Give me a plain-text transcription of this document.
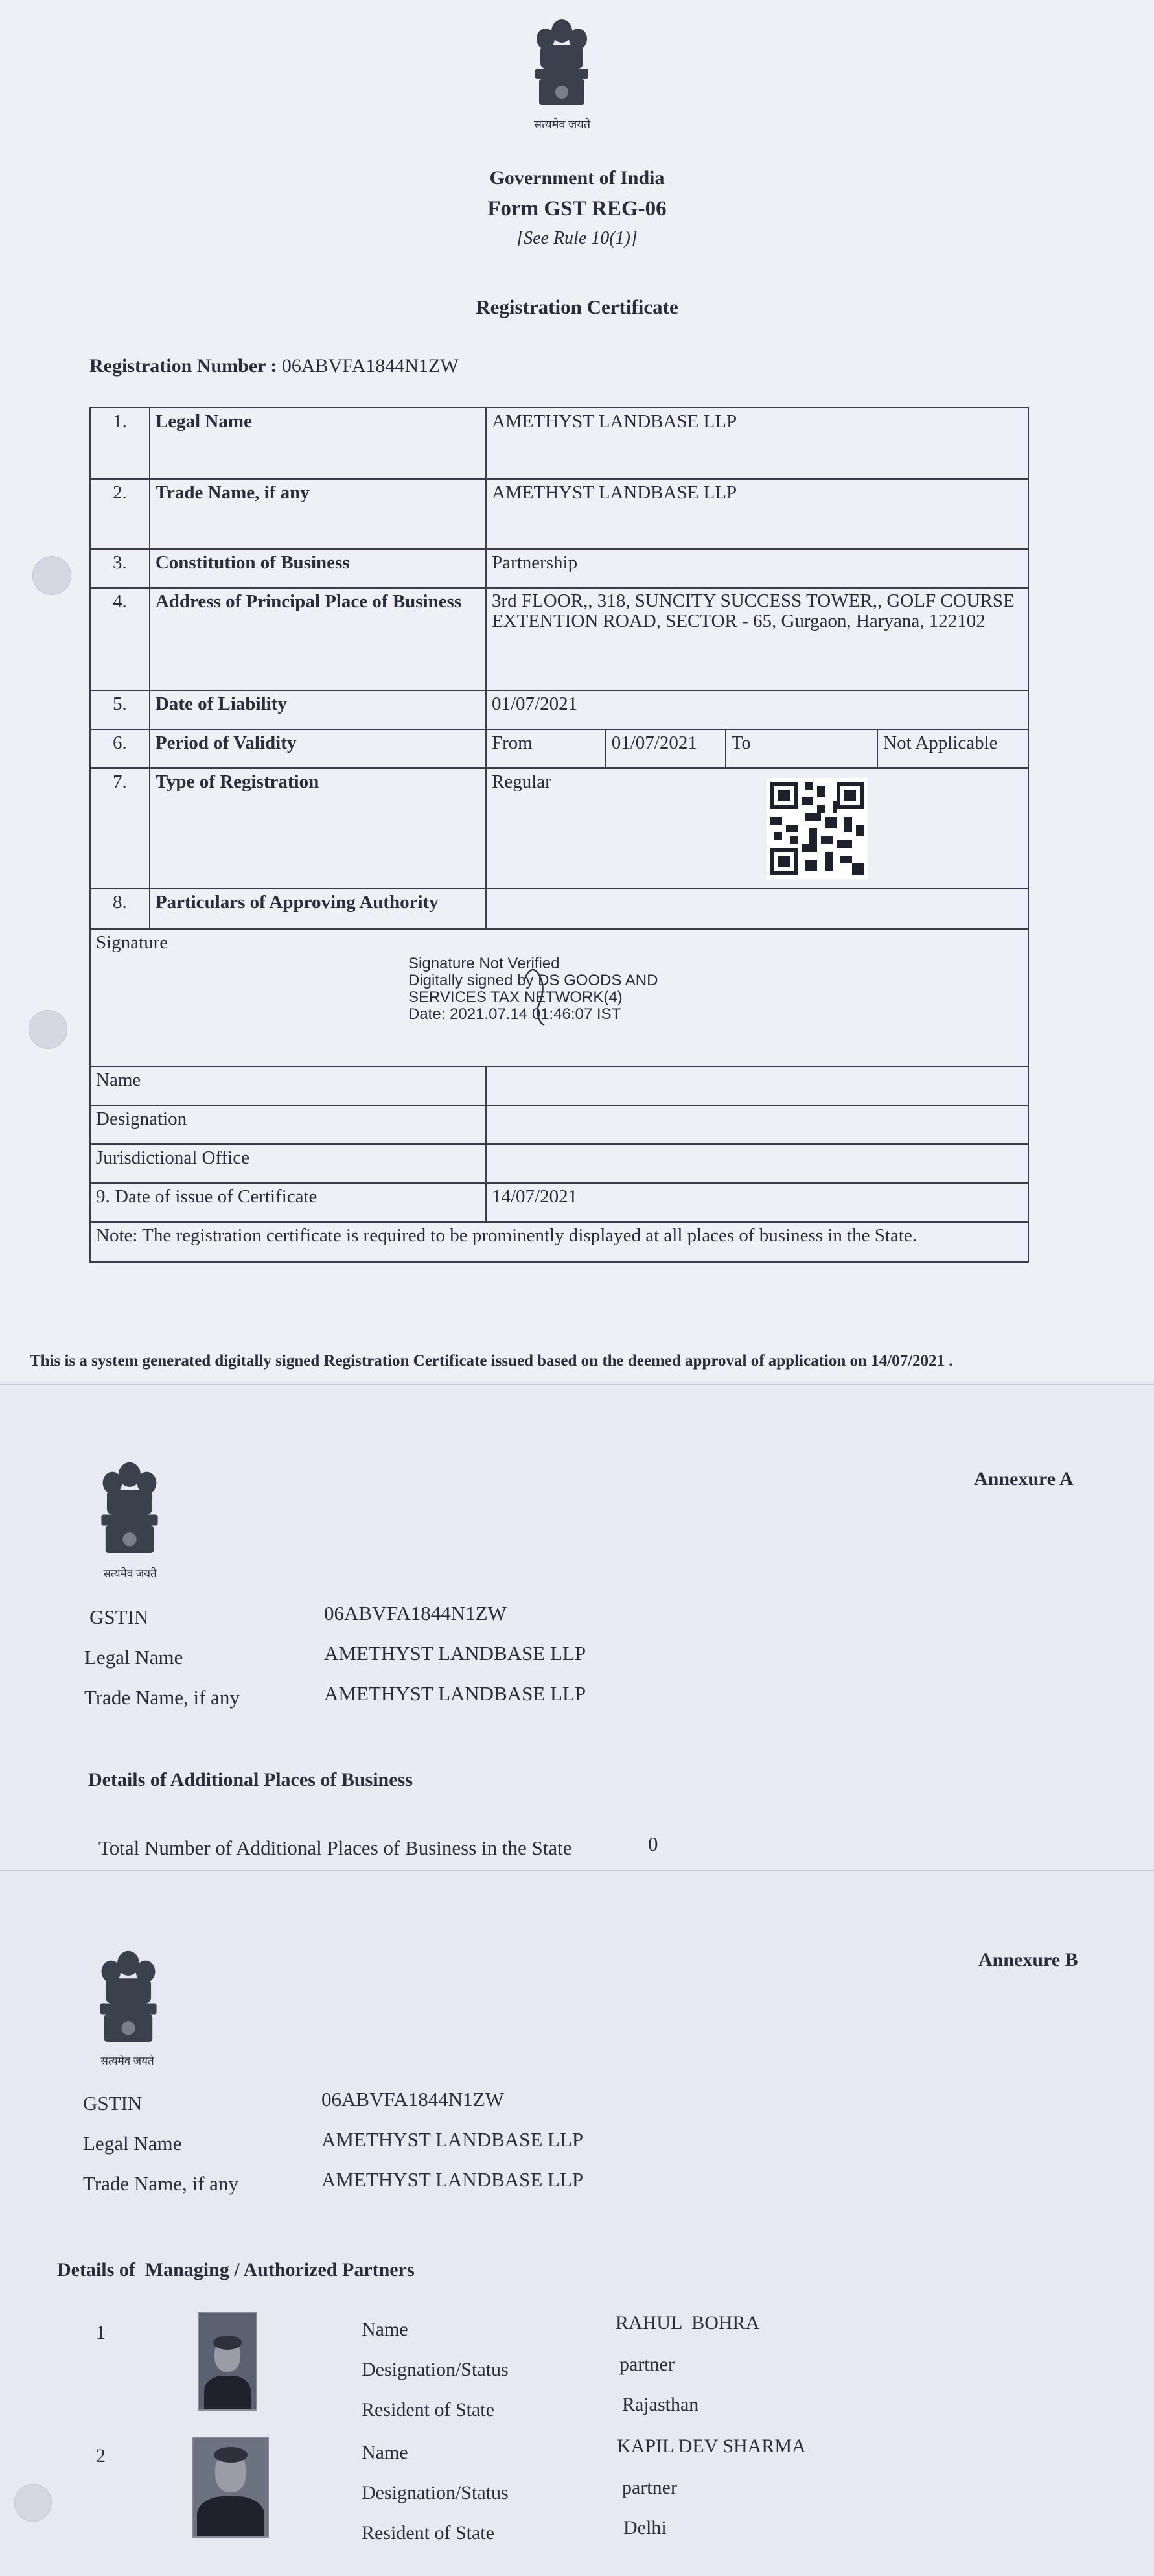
सत्यमेव जयते
Government of India
Form GST REG-06
[See Rule 10(1)]
Registration Certificate
Registration Number : 06ABVFA1844N1ZW
1.	Legal Name	AMETHYST LANDBASE LLP			
2.	Trade Name, if any	AMETHYST LANDBASE LLP			
3.	Constitution of Business	Partnership			
4.	Address of Principal Place of Business	3rd FLOOR,, 318, SUNCITY SUCCESS TOWER,, GOLF COURSE EXTENTION ROAD, SECTOR - 65, Gurgaon, Haryana, 122102			
5.	Date of Liability	01/07/2021			
6.	Period of Validity	From	01/07/2021	To	Not Applicable
7.	Type of Registration	Regular			

8.	Particulars of Approving Authority				

Signature
Signature Not Verified
Digitally signed by DS GOODS AND
SERVICES TAX NETWORK(4)
Date: 2021.07.14 01:46:07 IST					

Name					
Designation					
Jurisdictional Office					
9. Date of issue of Certificate		14/07/2021			
Note: The registration certificate is required to be prominently displayed at all places of business in the State.					
This is a system generated digitally signed Registration Certificate issued based on the deemed approval of application on 14/07/2021 .
सत्यमेव जयते
Annexure A
GSTIN	06ABVFA1844N1ZW
Legal Name	AMETHYST LANDBASE LLP
Trade Name, if any	AMETHYST LANDBASE LLP
Details of Additional Places of Business
Total Number of Additional Places of Business in the State	0
सत्यमेव जयते
Annexure B
GSTIN	06ABVFA1844N1ZW
Legal Name	AMETHYST LANDBASE LLP
Trade Name, if any	AMETHYST LANDBASE LLP
Details of  Managing / Authorized Partners
1	Name	RAHUL  BOHRA
Designation/Status	partner
Resident of State	Rajasthan
2	Name	KAPIL DEV SHARMA
Designation/Status	partner
Resident of State	Delhi
